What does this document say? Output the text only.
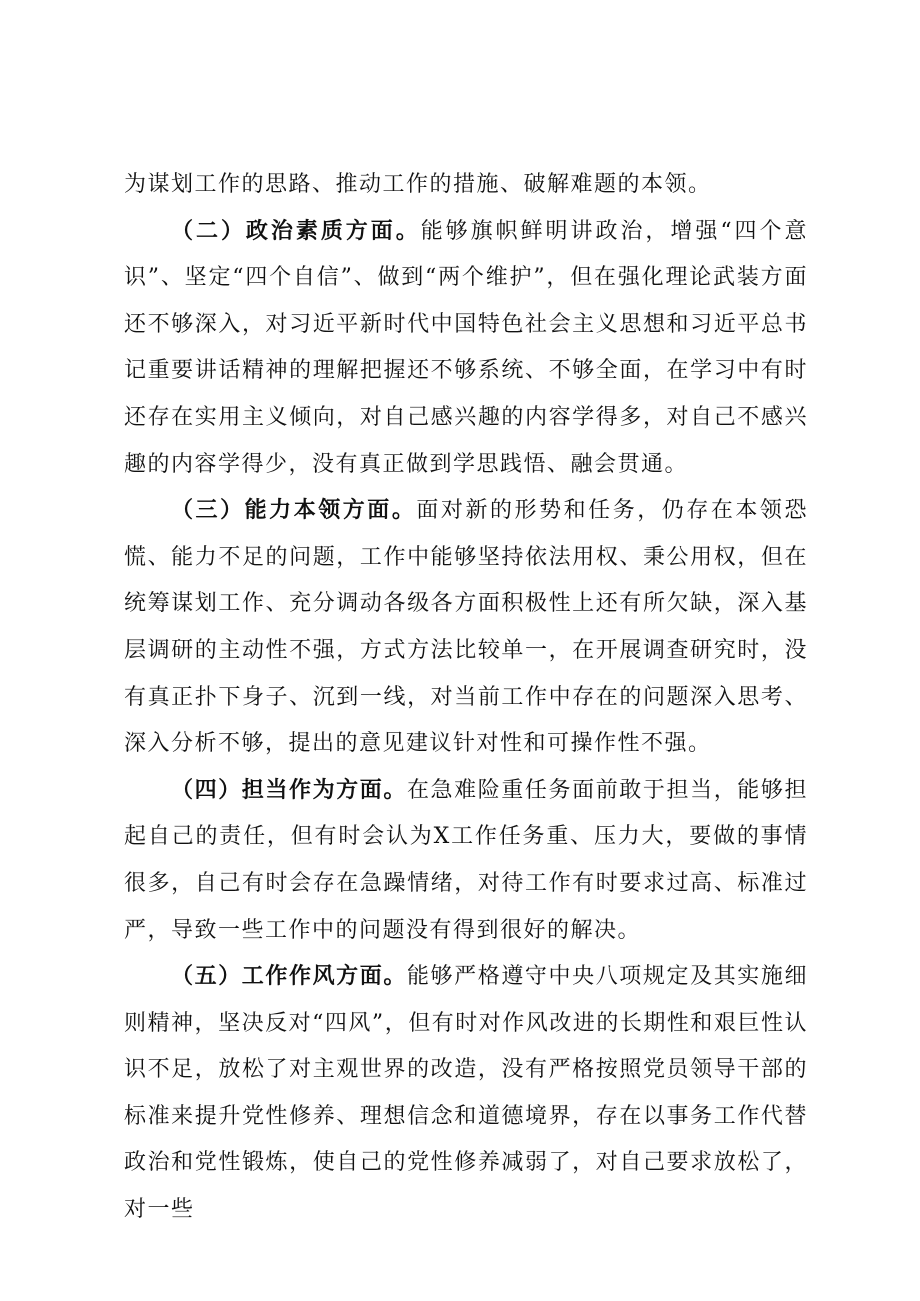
为谋划工作的思路、推动工作的措施、破解难题的本领。

（二）政治素质方面。能够旗帜鲜明讲政治，增强“四个意识”、坚定“四个自信”、做到“两个维护”，但在强化理论武装方面还不够深入，对习近平新时代中国特色社会主义思想和习近平总书记重要讲话精神的理解把握还不够系统、不够全面，在学习中有时还存在实用主义倾向，对自己感兴趣的内容学得多，对自己不感兴趣的内容学得少，没有真正做到学思践悟、融会贯通。

（三）能力本领方面。面对新的形势和任务，仍存在本领恐慌、能力不足的问题，工作中能够坚持依法用权、秉公用权，但在统筹谋划工作、充分调动各级各方面积极性上还有所欠缺，深入基层调研的主动性不强，方式方法比较单一，在开展调查研究时，没有真正扑下身子、沉到一线，对当前工作中存在的问题深入思考、深入分析不够，提出的意见建议针对性和可操作性不强。

（四）担当作为方面。在急难险重任务面前敢于担当，能够担起自己的责任，但有时会认为X工作任务重、压力大，要做的事情很多，自己有时会存在急躁情绪，对待工作有时要求过高、标准过严，导致一些工作中的问题没有得到很好的解决。

（五）工作作风方面。能够严格遵守中央八项规定及其实施细则精神，坚决反对“四风”，但有时对作风改进的长期性和艰巨性认识不足，放松了对主观世界的改造，没有严格按照党员领导干部的标准来提升党性修养、理想信念和道德境界，存在以事务工作代替政治和党性锻炼，使自己的党性修养减弱了，对自己要求放松了，对一些
